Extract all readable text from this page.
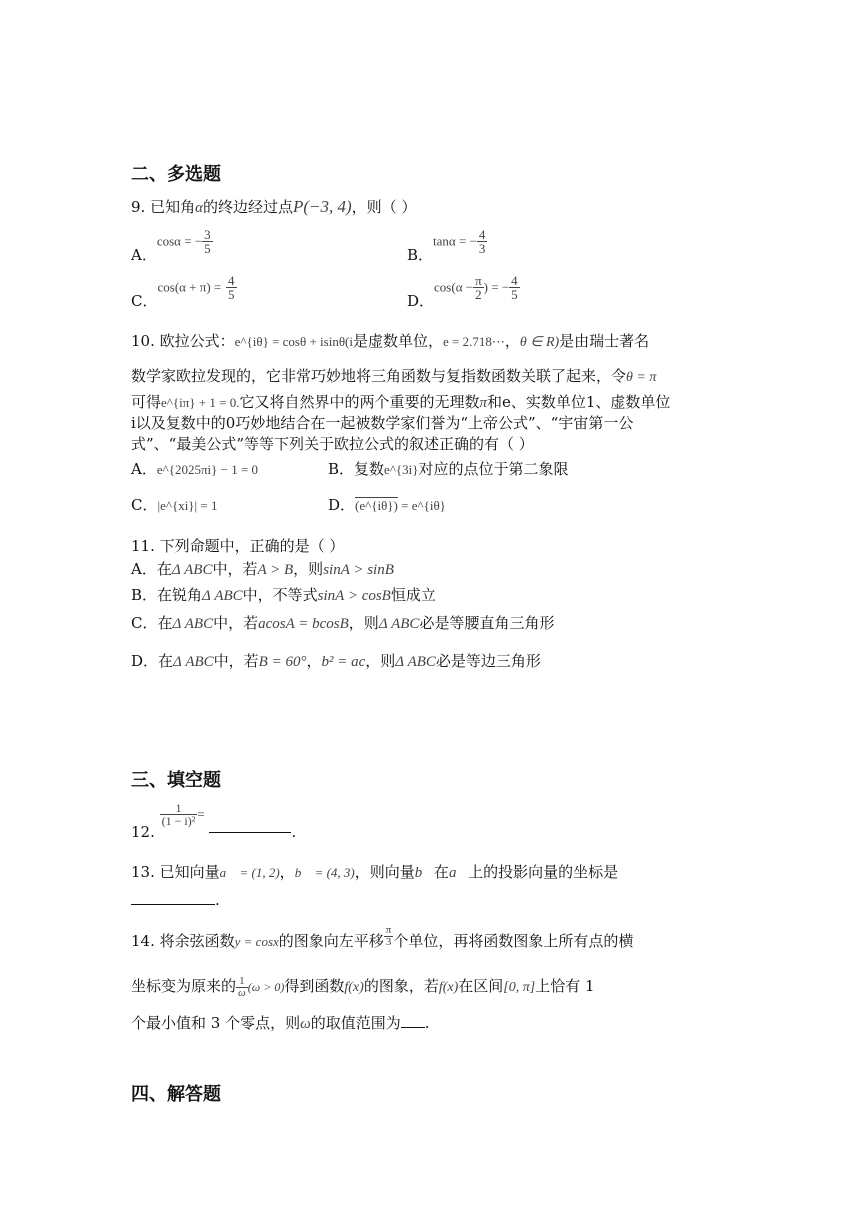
二、多选题
9. 已知角α的终边经过点P(−3, 4)，则（ ）
A．cosα = − $\frac{3}{5}$	B．tanα = − $\frac{4}{3}$
C．$\cos(\alpha + \pi) = \frac{4}{5}$	D．$\cos(\alpha - \frac{\pi}{2}$ ) = − $\frac{4}{5}$
10. 欧拉公式：e^{iθ} = cosθ + isinθ(i是虚数单位，e = 2.718⋯，θ ∈ R)是由瑞士著名
数学家欧拉发现的，它非常巧妙地将三角函数与复指数函数关联了起来，令θ = π
可得e^{iπ} + 1 = 0.它又将自然界中的两个重要的无理数π和e、实数单位1、虚数单位
i以及复数中的0巧妙地结合在一起被数学家们誉为“上帝公式”、“宇宙第一公
式”、“最美公式”等等下列关于欧拉公式的叙述正确的有（ ）
A．e^{2025πi} − 1 = 0	B．复数e^{3i}对应的点位于第二象限
C．|e^{xi}| = 1	D．(e^{iθ}) = e^{iθ}
11. 下列命题中，正确的是（ ）
A．在Δ ABC中，若A > B，则sinA > sinB
B．在锐角Δ ABC中，不等式sinA > cosB恒成立
C．在Δ ABC中，若acosA = bcosB，则Δ ABC必是等腰直角三角形
D．在Δ ABC中，若B = 60°，b² = ac，则Δ ABC必是等边三角形
三、填空题
12.
$\frac{1}{\text{(1 − i)²}}$ = .
13. 已知向量a⃗ = (1, 2)，b⃗ = (4, 3)，则向量b⃗在a⃗上的投影向量的坐标是
.
14. 将余弦函数y = cosx的图象向左平移 $\frac{\pi}{3}$ 个单位，再将函数图象上所有点的横
坐标变为原来的 $\frac{1}{\omega} (\omega > 0)$得到函数f(x)的图象，若f(x)在区间[0, π]上恰有 1
个最小值和 3 个零点，则ω的取值范围为 .
四、解答题
